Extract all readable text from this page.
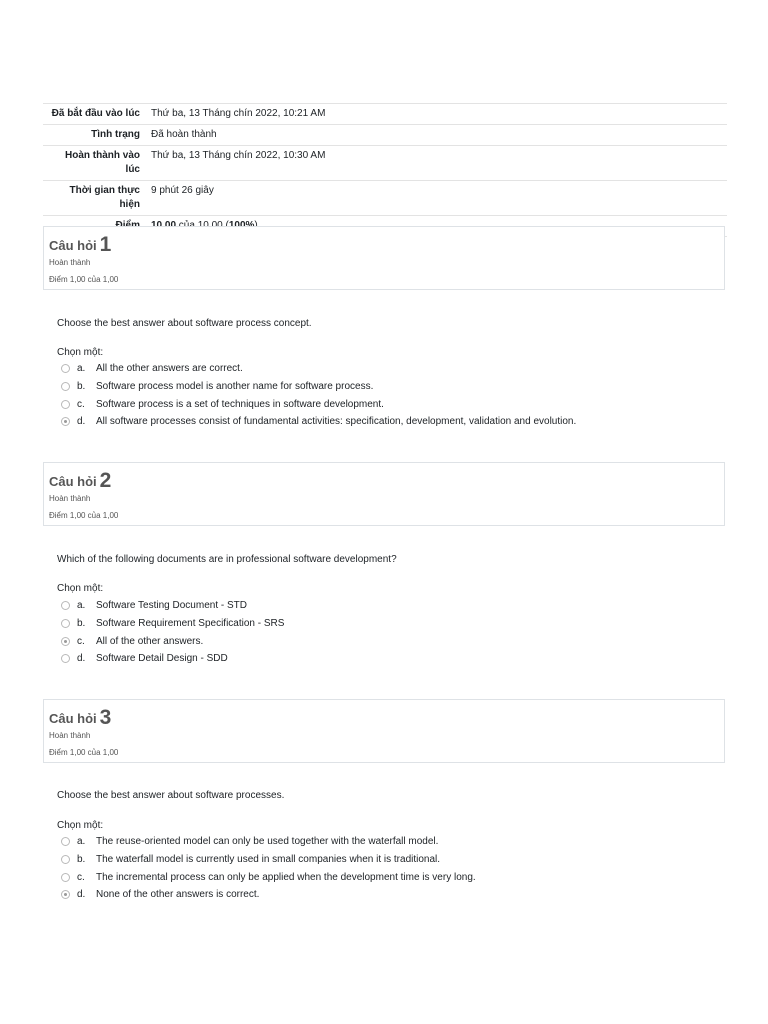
Đã bắt đầu vào lúc	Thứ ba, 13 Tháng chín 2022, 10:21 AM
Tình trạng	Đã hoàn thành
Hoàn thành vào
lúc	Thứ ba, 13 Tháng chín 2022, 10:30 AM
Thời gian thực
hiện	9 phút 26 giây

Câu hỏi 1
Hoàn thành
Điểm 1,00 của 1,00
Choose the best answer about software process concept.
Chọn một:
a.	All the other answers are correct.
b.	Software process model is another name for software process.
c.	Software process is a set of techniques in software development.
d.	All software processes consist of fundamental activities: specification, development, validation and evolution.
Câu hỏi 2
Hoàn thành
Điểm 1,00 của 1,00
Which of the following documents are in professional software development?
Chọn một:
a.	Software Testing Document - STD
b.	Software Requirement Specification - SRS
c.	All of the other answers.
d.	Software Detail Design - SDD
Câu hỏi 3
Hoàn thành
Điểm 1,00 của 1,00
Choose the best answer about software processes.
Chọn một:
a.	The reuse-oriented model can only be used together with the waterfall model.
b.	The waterfall model is currently used in small companies when it is traditional.
c.	The incremental process can only be applied when the development time is very long.
d.	None of the other answers is correct.
